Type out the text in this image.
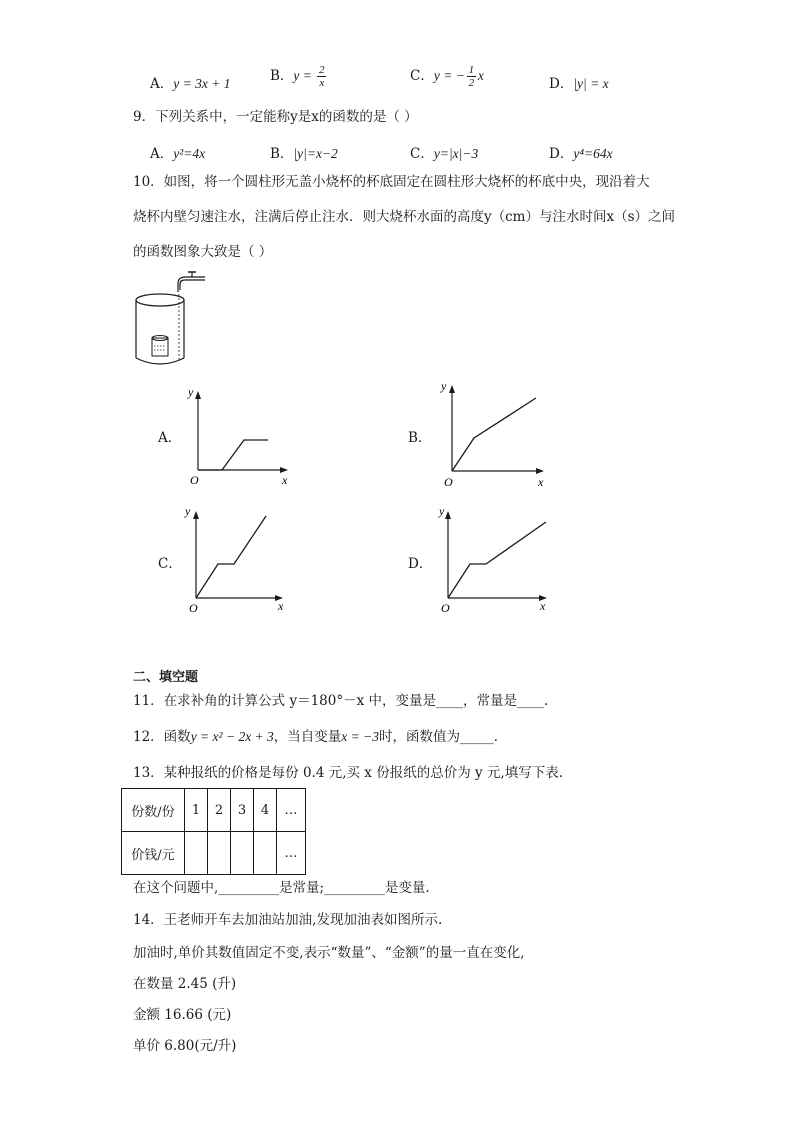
A．y = 3x + 1	B．$y = \frac{2}{x}$	C．y = − $\frac{1}{2}$ x
D．|y| = x
9．下列关系中，一定能称y是x的函数的是（ ）
A．y²=4x	B．|y|=x−2	C．y=|x|−3	D．y⁴=64x
10．如图，将一个圆柱形无盖小烧杯的杯底固定在圆柱形大烧杯的杯底中央，现沿着大
烧杯内壁匀速注水，注满后停止注水．则大烧杯水面的高度y（cm）与注水时间x（s）之间
的函数图象大致是（ ）
A．
y
x
O
B．
y
x
O
C．
y
x
O
D．
y
x
O
二、填空题
11．在求补角的计算公式 y＝180°－x 中，变量是____，常量是____.
12．函数y = x² − 2x + 3，当自变量x = −3时，函数值为_____．
13．某种报纸的价格是每份 0.4 元,买 x 份报纸的总价为 y 元,填写下表.
份数/份	1	2	3	4	…
价钱/元					…
在这个问题中,_________是常量;_________是变量.
14．王老师开车去加油站加油,发现加油表如图所示.
加油时,单价其数值固定不变,表示“数量”、“金额”的量一直在变化,
在数量 2.45 (升)
金额 16.66 (元)
单价 6.80(元/升)
